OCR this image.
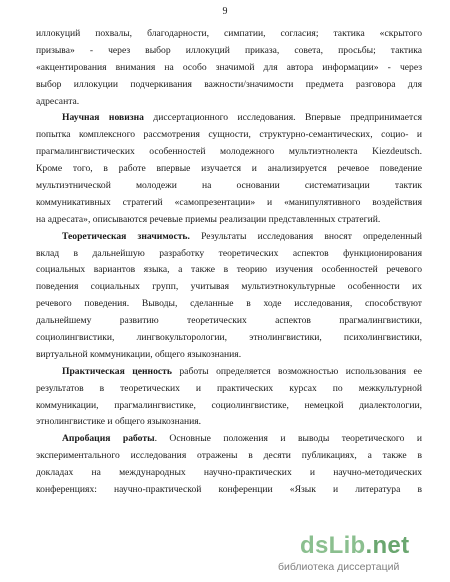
9
иллокуций похвалы, благодарности, симпатии, согласия; тактика «скрытого
призыва» - через выбор иллокуций приказа, совета, просьбы; тактика
«акцентирования внимания на особо значимой для автора информации» - через
выбор иллокуции подчеркивания важности/значимости предмета разговора для
адресанта.
Научная новизна диссертационного исследования. Впервые предпринимается
попытка комплексного рассмотрения сущности, структурно-семантических, социо- и
прагмалингвистических особенностей молодежного мультиэтнолекта Kiezdeutsch.
Кроме того, в работе впервые изучается и анализируется речевое поведение
мультиэтнической молодежи на основании систематизации тактик
коммуникативных стратегий «самопрезентации» и «манипулятивного воздействия
на адресата», описываются речевые приемы реализации представленных стратегий.
Теоретическая значимость. Результаты исследования вносят определенный
вклад в дальнейшую разработку теоретических аспектов функционирования
социальных вариантов языка, а также в теорию изучения особенностей речевого
поведения социальных групп, учитывая мультиэтнокультурные особенности их
речевого поведения. Выводы, сделанные в ходе исследования, способствуют
дальнейшему развитию теоретических аспектов прагмалингвистики,
социолингвистики, лингвокульторологии, этнолингвистики, психолингвистики,
виртуальной коммуникации, общего языкознания.
Практическая ценность работы определяется возможностью использования ее
результатов в теоретических и практических курсах по межкультурной
коммуникации, прагмалингвистике, социолингвистике, немецкой диалектологии,
этнолингвистике и общего языкознания.
Апробация работы. Основные положения и выводы теоретического и
экспериментального исследования отражены в десяти публикациях, а также в
докладах на международных научно-практических и научно-методических
конференциях: научно-практической конференции «Язык и литература в
dsLib.net
библиотека диссертаций
